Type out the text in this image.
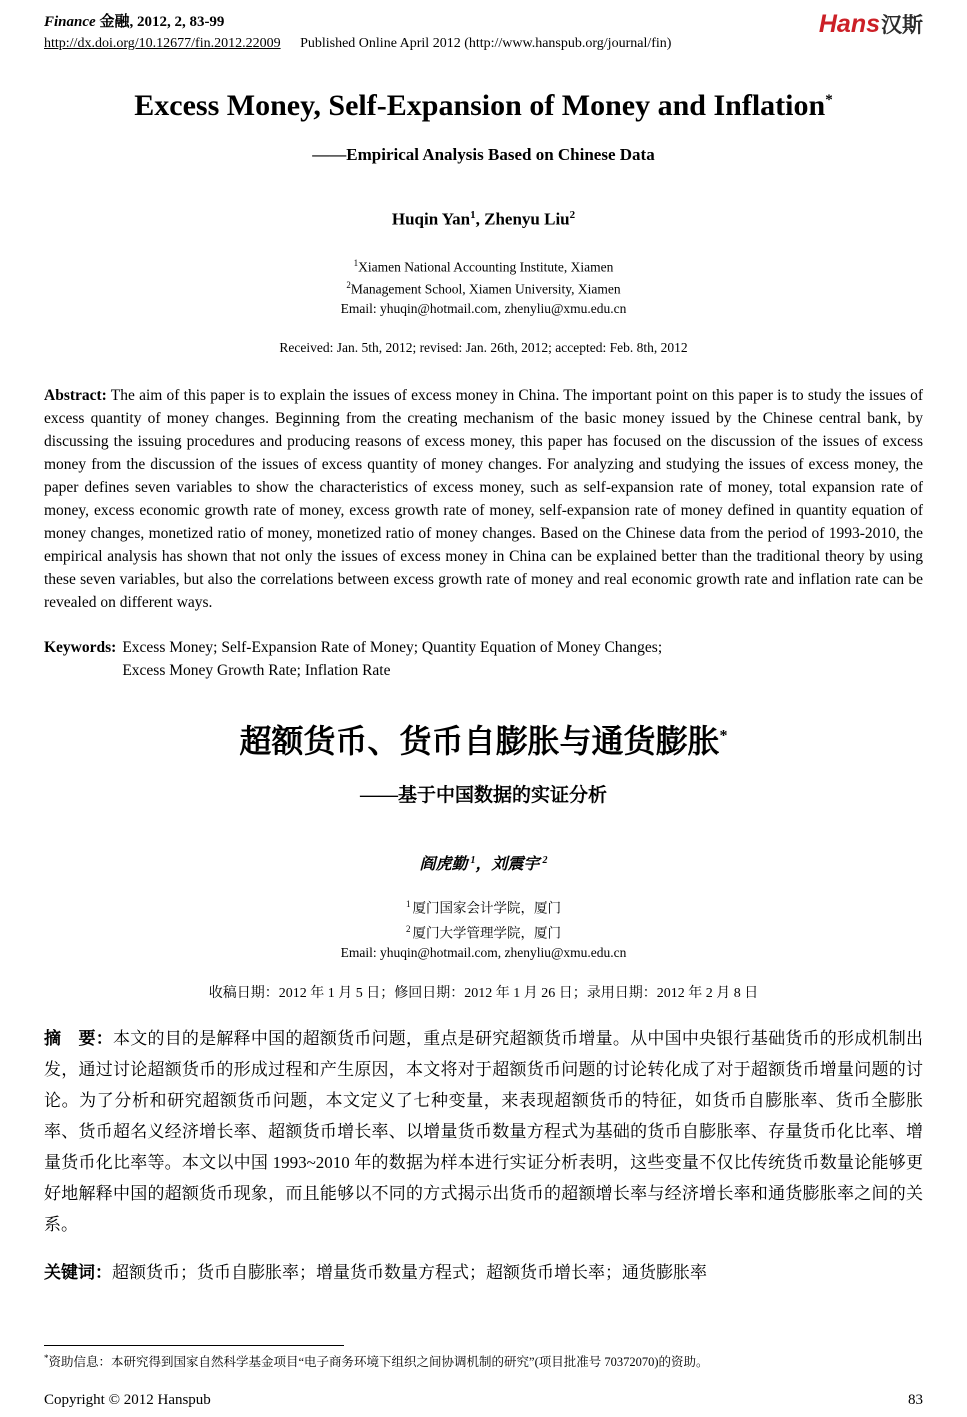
Finance 金融, 2012, 2, 83-99
http://dx.doi.org/10.12677/fin.2012.22009 Published Online April 2012 (http://www.hanspub.org/journal/fin)
Hans汉斯
Excess Money, Self-Expansion of Money and Inflation*
——Empirical Analysis Based on Chinese Data
Huqin Yan$^1$, Zhenyu Liu$^2$
$^1$Xiamen National Accounting Institute, Xiamen
$^2$Management School, Xiamen University, Xiamen
Email: yhuqin@hotmail.com, zhenyliu@xmu.edu.cn
Received: Jan. 5th, 2012; revised: Jan. 26th, 2012; accepted: Feb. 8th, 2012

Abstract: The aim of this paper is to explain the issues of excess money in China. The important point on this paper is to study the issues of excess quantity of money changes. Beginning from the creating mechanism of the basic money issued by the Chinese central bank, by discussing the issuing procedures and producing reasons of excess money, this paper has focused on the discussion of the issues of excess money from the discussion of the issues of excess quantity of money changes. For analyzing and studying the issues of excess money, the paper defines seven variables to show the characteristics of excess money, such as self-expansion rate of money, total expansion rate of money, excess economic growth rate of money, excess growth rate of money, self-expansion rate of money defined in quantity equation of money changes, monetized ratio of money, monetized ratio of money changes. Based on the Chinese data from the period of 1993-2010, the empirical analysis has shown that not only the issues of excess money in China can be explained better than the traditional theory by using these seven variables, but also the correlations between excess growth rate of money and real economic growth rate and inflation rate can be revealed on different ways.

Keywords: Excess Money; Self-Expansion Rate of Money; Quantity Equation of Money Changes;
Excess Money Growth Rate; Inflation Rate
超额货币、货币自膨胀与通货膨胀*
——基于中国数据的实证分析
阎虎勤 $^1$，刘震宇 $^2$
$^1$ 厦门国家会计学院，厦门
$^2$ 厦门大学管理学院，厦门
Email: yhuqin@hotmail.com, zhenyliu@xmu.edu.cn
收稿日期：2012 年 1 月 5 日；修回日期：2012 年 1 月 26 日；录用日期：2012 年 2 月 8 日

摘　要：本文的目的是解释中国的超额货币问题，重点是研究超额货币增量。从中国中央银行基础货币的形成机制出发，通过讨论超额货币的形成过程和产生原因，本文将对于超额货币问题的讨论转化成了对于超额货币增量问题的讨论。为了分析和研究超额货币问题，本文定义了七种变量，来表现超额货币的特征，如货币自膨胀率、货币全膨胀率、货币超名义经济增长率、超额货币增长率、以增量货币数量方程式为基础的货币自膨胀率、存量货币化比率、增量货币化比率等。本文以中国 1993~2010 年的数据为样本进行实证分析表明，这些变量不仅比传统货币数量论能够更好地解释中国的超额货币现象，而且能够以不同的方式揭示出货币的超额增长率与经济增长率和通货膨胀率之间的关系。

关键词：超额货币；货币自膨胀率；增量货币数量方程式；超额货币增长率；通货膨胀率
*资助信息：本研究得到国家自然科学基金项目“电子商务环境下组织之间协调机制的研究”(项目批准号 70372070)的资助。
Copyright © 2012 Hanspub	83
